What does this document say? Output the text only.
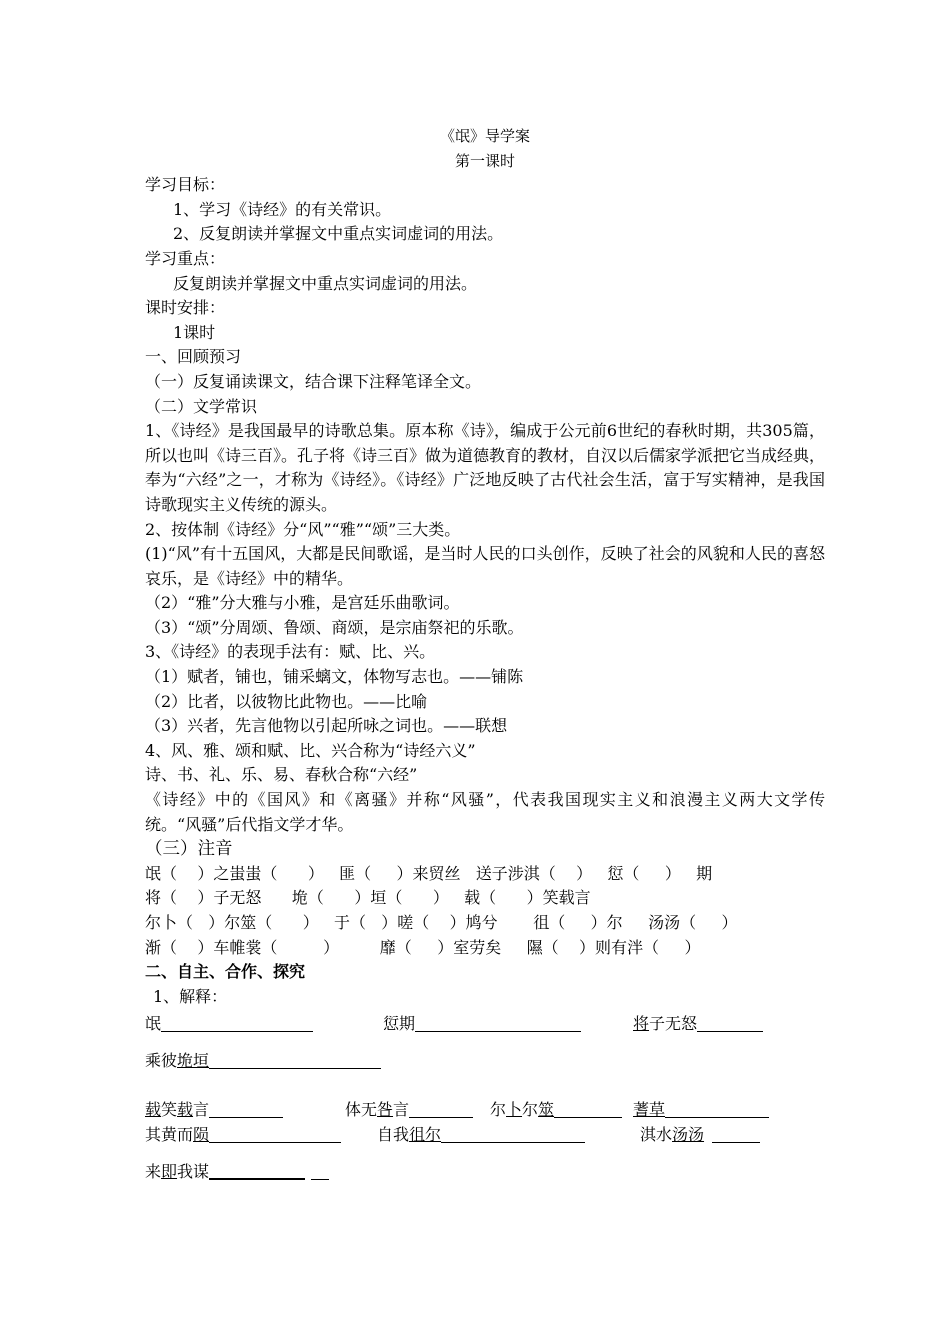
《氓》导学案
第一课时
学习目标：
1、学习《诗经》的有关常识。
2、反复朗读并掌握文中重点实词虚词的用法。
学习重点：
反复朗读并掌握文中重点实词虚词的用法。
课时安排：
1课时
一、回顾预习
（一）反复诵读课文，结合课下注释笔译全文。
（二）文学常识
1、《诗经》是我国最早的诗歌总集。原本称《诗》，编成于公元前6世纪的春秋时期，共305篇，所以也叫《诗三百》。孔子将《诗三百》做为道德教育的教材，自汉以后儒家学派把它当成经典，奉为“六经”之一，才称为《诗经》。《诗经》广泛地反映了古代社会生活，富于写实精神，是我国诗歌现实主义传统的源头。
2、按体制《诗经》分“风”“雅”“颂”三大类。
(1)“风”有十五国风，大都是民间歌谣，是当时人民的口头创作，反映了社会的风貌和人民的喜怒哀乐，是《诗经》中的精华。
（2）“雅”分大雅与小雅，是宫廷乐曲歌词。
（3）“颂”分周颂、鲁颂、商颂，是宗庙祭祀的乐歌。
3、《诗经》的表现手法有：赋、比、兴。
（1）赋者，铺也，铺采螭文，体物写志也。——铺陈
（2）比者，以彼物比此物也。——比喻
（3）兴者，先言他物以引起所咏之词也。——联想
4、风、雅、颂和赋、比、兴合称为“诗经六义”
诗、书、礼、乐、易、春秋合称“六经”
《诗经》中的《国风》和《离骚》并称“风骚”，代表我国现实主义和浪漫主义两大文学传统。“风骚”后代指文学才华。
（三）注音
氓（    ）之蚩蚩（      ）   匪（     ）来贸丝   送子涉淇（    ）   愆（     ）   期
将（    ）子无怒      垝（      ）垣（      ）   载（      ）笑载言
尔卜（   ）尔筮（      ）   于（   ）嗟（    ）鸠兮       徂（     ）尔     汤汤（     ）
渐（    ）车帷裳（         ）        靡（     ）室劳矣     隰（    ）则有泮（     ）
二、自主、合作、探究
1、解释：
氓	愆期	将子无怒
乘彼垝垣
载笑载言	体无咎言	尔卜尔筮	蓍草
其黄而陨	自我徂尔	淇水汤汤
来即我谋
